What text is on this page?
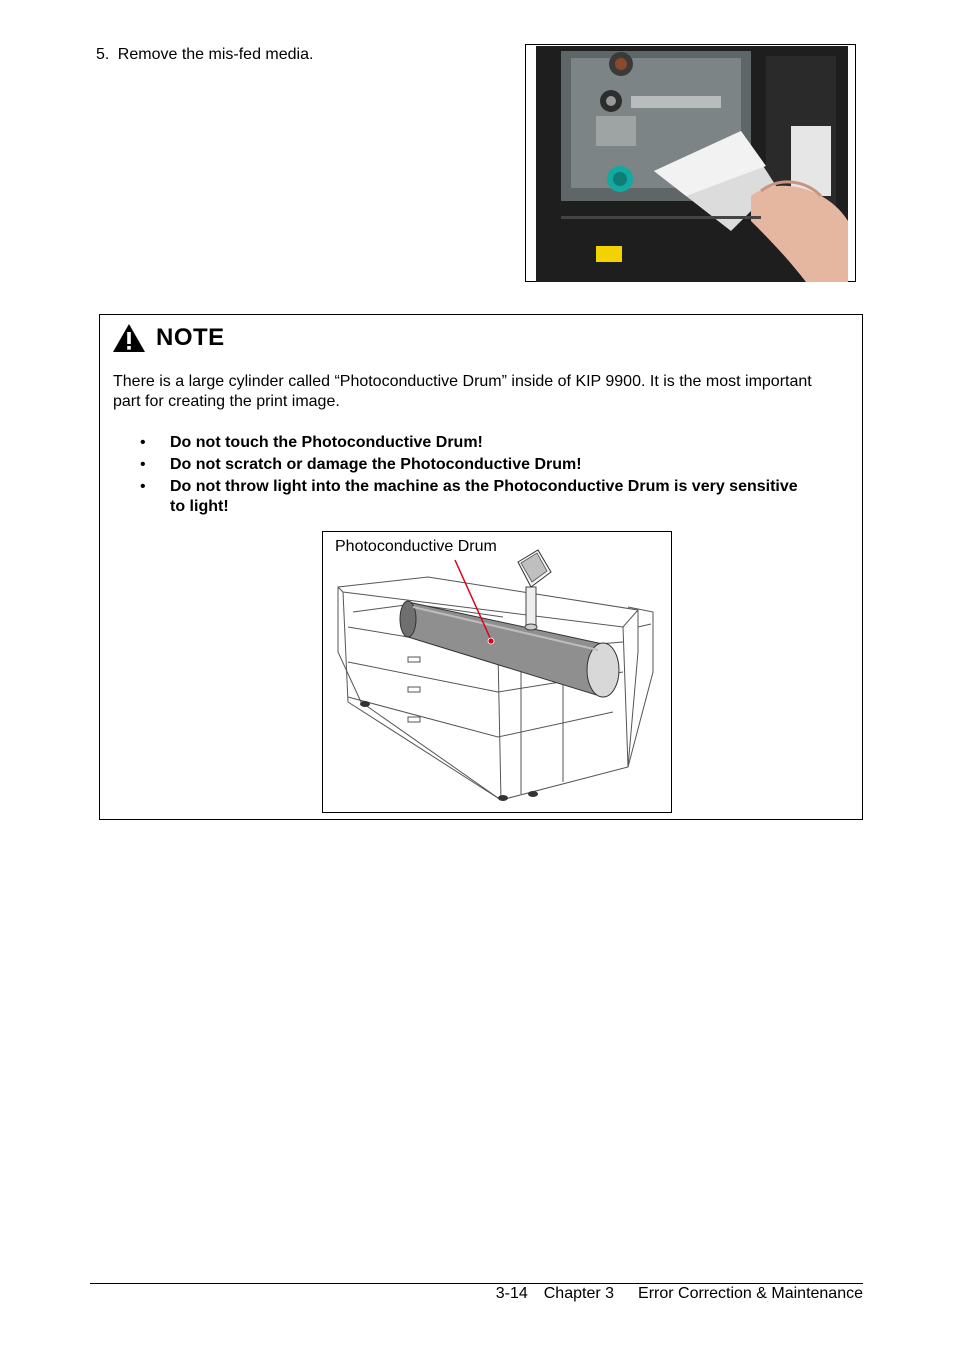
5. Remove the mis-fed media.
NOTE
There is a large cylinder called “Photoconductive Drum” inside of KIP 9900. It is the most important part for creating the print image.
• Do not touch the Photoconductive Drum!
• Do not scratch or damage the Photoconductive Drum!
• Do not throw light into the machine as the Photoconductive Drum is very sensitive to light!
Photoconductive Drum
3-14 Chapter 3 Error Correction & Maintenance
